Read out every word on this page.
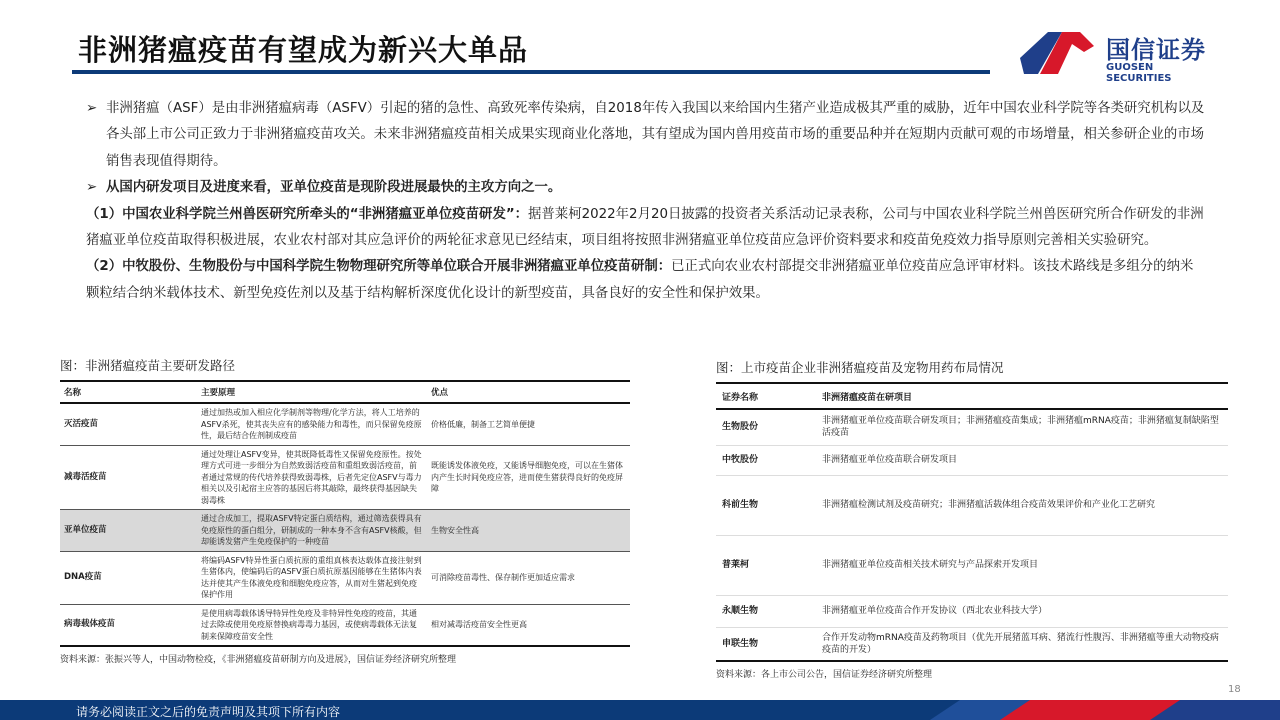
非洲猪瘟疫苗有望成为新兴大单品	国信证券
GUOSEN SECURITIES

➢ 非洲猪瘟（ASF）是由非洲猪瘟病毒（ASFV）引起的猪的急性、高致死率传染病，自2018年传入我国以来给国内生猪产业造成极其严重的威胁，近年中国农业科学院等各类研究机构以及各头部上市公司正致力于非洲猪瘟疫苗攻关。未来非洲猪瘟疫苗相关成果实现商业化落地，其有望成为国内兽用疫苗市场的重要品种并在短期内贡献可观的市场增量，相关参研企业的市场销售表现值得期待。

➢ 从国内研发项目及进度来看，亚单位疫苗是现阶段进展最快的主攻方向之一。

（1）中国农业科学院兰州兽医研究所牵头的“非洲猪瘟亚单位疫苗研发”：据普莱柯2022年2月20日披露的投资者关系活动记录表称，公司与中国农业科学院兰州兽医研究所合作研发的非洲猪瘟亚单位疫苗取得积极进展，农业农村部对其应急评价的两轮征求意见已经结束，项目组将按照非洲猪瘟亚单位疫苗应急评价资料要求和疫苗免疫效力指导原则完善相关实验研究。

（2）中牧股份、生物股份与中国科学院生物物理研究所等单位联合开展非洲猪瘟亚单位疫苗研制：已正式向农业农村部提交非洲猪瘟亚单位疫苗应急评审材料。该技术路线是多组分的纳米颗粒结合纳米载体技术、新型免疫佐剂以及基于结构解析深度优化设计的新型疫苗，具备良好的安全性和保护效果。

图：非洲猪瘟疫苗主要研发路径
名称	主要原理	优点
灭活疫苗	通过加热或加入相应化学制剂等物理/化学方法，将人工培养的ASFV杀死，使其丧失应有的感染能力和毒性，而只保留免疫原性，最后结合佐剂制成疫苗	价格低廉，制备工艺简单便捷
减毒活疫苗	通过处理让ASFV变异，使其既降低毒性又保留免疫原性。按处理方式可进一步细分为自然致弱活疫苗和重组致弱活疫苗，前者通过常规的传代培养获得致弱毒株，后者先定位ASFV与毒力相关以及引起宿主应答的基因后将其敲除，最终获得基因缺失弱毒株	既能诱发体液免疫，又能诱导细胞免疫，可以在生猪体内产生长时间免疫应答，进而使生猪获得良好的免疫屏障
亚单位疫苗	通过合成加工，提取ASFV特定蛋白质结构，通过筛选获得具有免疫原性的蛋白组分，研制成的一种本身不含有ASFV核酸，但却能诱发猪产生免疫保护的一种疫苗	生物安全性高
DNA疫苗	将编码ASFV特异性蛋白质抗原的重组真核表达载体直接注射到生猪体内，使编码后的ASFV蛋白质抗原基因能够在生猪体内表达并使其产生体液免疫和细胞免疫应答，从而对生猪起到免疫保护作用	可消除疫苗毒性、保存制作更加适应需求
病毒载体疫苗	是使用病毒载体诱导特异性免疫及非特异性免疫的疫苗，其通过去除或使用免疫原替换病毒毒力基因，或使病毒载体无法复制来保障疫苗安全性	相对减毒活疫苗安全性更高
资料来源：张振兴等人，中国动物检疫，《非洲猪瘟疫苗研制方向及进展》，国信证券经济研究所整理
图：上市疫苗企业非洲猪瘟疫苗及宠物用药布局情况
证券名称	非洲猪瘟疫苗在研项目
生物股份	非洲猪瘟亚单位疫苗联合研发项目；非洲猪瘟疫苗集成；非洲猪瘟mRNA疫苗；非洲猪瘟复制缺陷型活疫苗
中牧股份	非洲猪瘟亚单位疫苗联合研发项目
科前生物	非洲猪瘟检测试剂及疫苗研究；非洲猪瘟活载体组合疫苗效果评价和产业化工艺研究
普莱柯	非洲猪瘟亚单位疫苗相关技术研究与产品探索开发项目
永顺生物	非洲猪瘟亚单位疫苗合作开发协议（西北农业科技大学）
申联生物	合作开发动物mRNA疫苗及药物项目（优先开展猪蓝耳病、猪流行性腹泻、非洲猪瘟等重大动物疫病疫苗的开发）
资料来源：各上市公司公告，国信证券经济研究所整理
18
请务必阅读正文之后的免责声明及其项下所有内容
